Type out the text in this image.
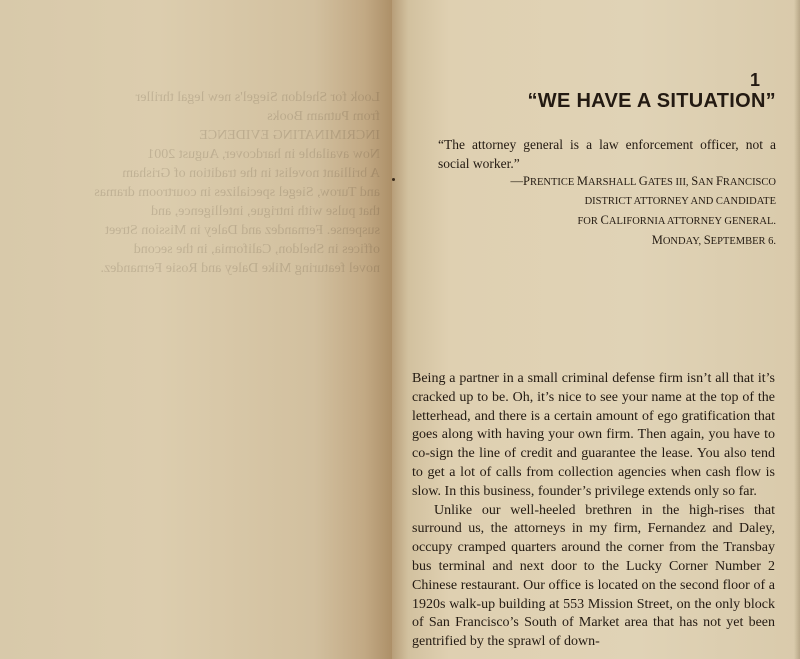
Look for Sheldon Siegel's new legal thriller
from Putnam Books
INCRIMINATING EVIDENCE
Now available in hardcover, August 2001
A brilliant novelist in the tradition of Grisham
and Turow, Siegel specializes in courtroom dramas
that pulse with intrigue, intelligence, and
suspense. Fernandez and Daley in Mission Street
offices in Sheldon, California, in the second
novel featuring Mike Daley and Rosie Fernandez.
1
“WE HAVE A SITUATION”
“The attorney general is a law enforcement officer, not a social worker.”
—PRENTICE MARSHALL GATES III, SAN FRANCISCO
DISTRICT ATTORNEY AND CANDIDATE
FOR CALIFORNIA ATTORNEY GENERAL.
MONDAY, SEPTEMBER 6.

Being a partner in a small criminal defense firm isn’t all that it’s cracked up to be. Oh, it’s nice to see your name at the top of the letterhead, and there is a certain amount of ego gratification that goes along with having your own firm. Then again, you have to co-sign the line of credit and guarantee the lease. You also tend to get a lot of calls from collection agencies when cash flow is slow. In this business, founder’s privilege extends only so far.

Unlike our well-heeled brethren in the high-rises that surround us, the attorneys in my firm, Fernandez and Daley, occupy cramped quarters around the corner from the Transbay bus terminal and next door to the Lucky Corner Number 2 Chinese restaurant. Our office is located on the second floor of a 1920s walk-up building at 553 Mission Street, on the only block of San Francisco’s South of Market area that has not yet been gentrified by the sprawl of down-
